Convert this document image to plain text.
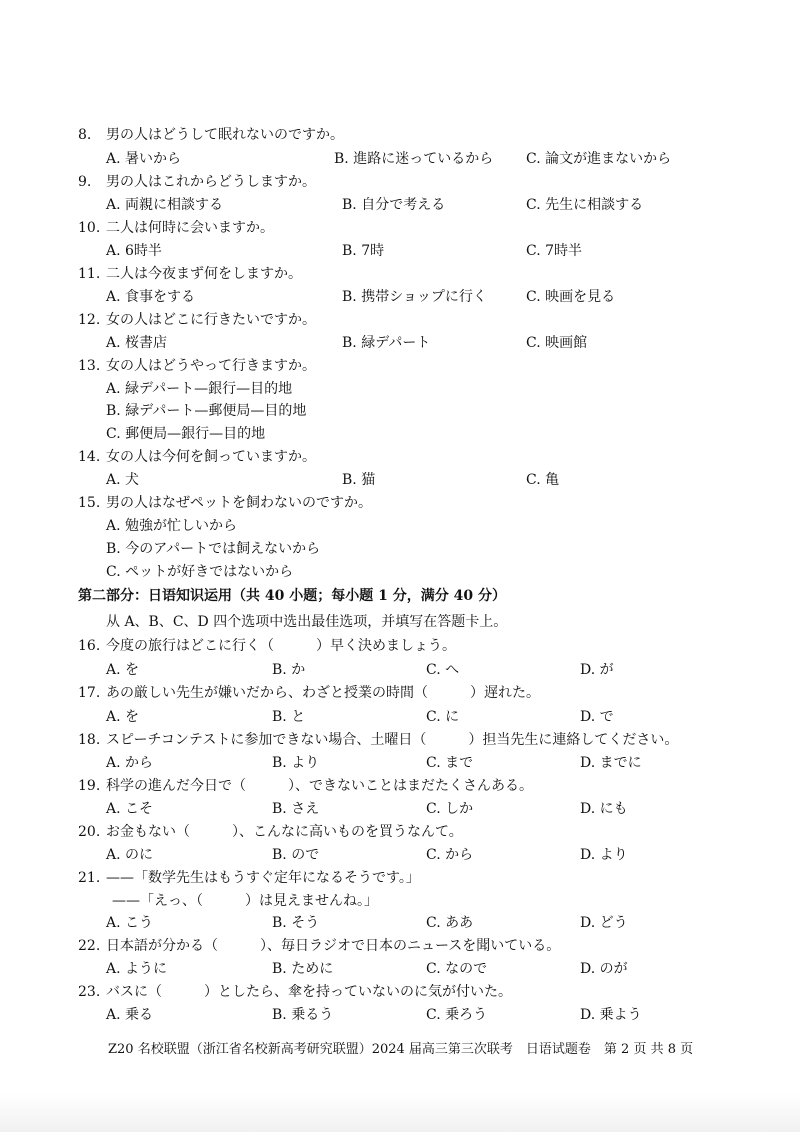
8. 男の人はどうして眠れないのですか。
A. 暑いから	B. 進路に迷っているから C. 論文が進まないから
9. 男の人はこれからどうしますか。
A. 両親に相談する	B. 自分で考える	C. 先生に相談する
10. 二人は何時に会いますか。
A. 6時半	B. 7時	C. 7時半
11. 二人は今夜まず何をしますか。
A. 食事をする	B. 携帯ショップに行く	C. 映画を見る
12. 女の人はどこに行きたいですか。
A. 桜書店	B. 緑デパート	C. 映画館
13. 女の人はどうやって行きますか。
A. 緑デパート—銀行—目的地
B. 緑デパート—郵便局—目的地
C. 郵便局—銀行—目的地
14. 女の人は今何を飼っていますか。
A. 犬	B. 猫	C. 亀
15. 男の人はなぜペットを飼わないのですか。
A. 勉強が忙しいから
B. 今のアパートでは飼えないから
C. ペットが好きではないから
第二部分：日语知识运用（共 40 小题；每小题 1 分，满分 40 分）
从 A、B、C、D 四个选项中选出最佳选项，并填写在答题卡上。
16. 今度の旅行はどこに行く（　　　）早く決めましょう。
A. を	B. か	C. へ	D. が
17. あの厳しい先生が嫌いだから、わざと授業の時間（　　　）遅れた。
A. を	B. と	C. に	D. で
18. スピーチコンテストに参加できない場合、土曜日（　　　）担当先生に連絡してください。
A. から	B. より	C. まで	D. までに
19. 科学の進んだ今日で（　　　）、できないことはまだたくさんある。
A. こそ	B. さえ	C. しか	D. にも
20. お金もない（　　　）、こんなに高いものを買うなんて。
A. のに	B. ので	C. から	D. より
21. ——「数学先生はもうすぐ定年になるそうです。」
——「えっ、（　　　）は見えませんね。」
A. こう	B. そう	C. ああ	D. どう
22. 日本語が分かる（　　　）、毎日ラジオで日本のニュースを聞いている。
A. ように	B. ために	C. なので	D. のが
23. バスに（　　　）としたら、傘を持っていないのに気が付いた。
A. 乗る	B. 乗るう	C. 乗ろう	D. 乗よう
Z20 名校联盟（浙江省名校新高考研究联盟）2024 届高三第三次联考　日语试题卷　第 2 页 共 8 页
